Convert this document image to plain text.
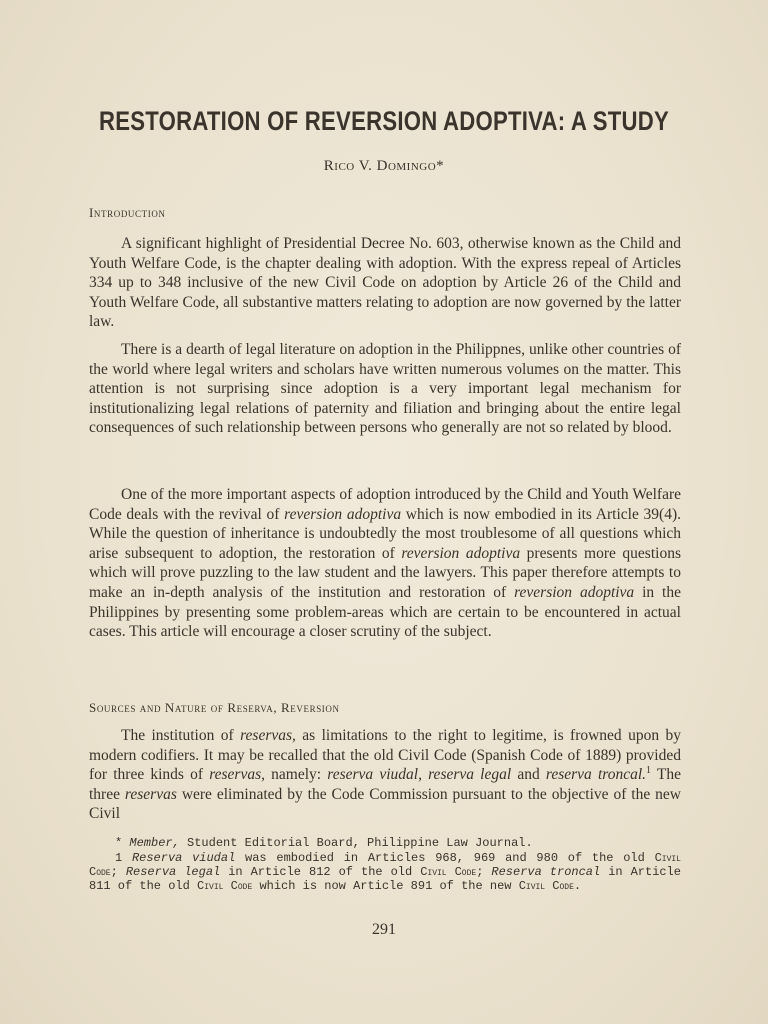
RESTORATION OF REVERSION ADOPTIVA: A STUDY
Rico V. Domingo*
Introduction

A significant highlight of Presidential Decree No. 603, otherwise known as the Child and Youth Welfare Code, is the chapter dealing with adoption. With the express repeal of Articles 334 up to 348 inclusive of the new Civil Code on adoption by Article 26 of the Child and Youth Welfare Code, all substantive matters relating to adoption are now governed by the latter law.

There is a dearth of legal literature on adoption in the Philippnes, unlike other countries of the world where legal writers and scholars have written numerous volumes on the matter. This attention is not surprising since adoption is a very important legal mechanism for institutionalizing legal relations of paternity and filiation and bringing about the entire legal consequences of such relationship between persons who generally are not so related by blood.

One of the more important aspects of adoption introduced by the Child and Youth Welfare Code deals with the revival of reversion adoptiva which is now embodied in its Article 39(4). While the question of inheritance is undoubtedly the most troublesome of all questions which arise subsequent to adoption, the restoration of reversion adoptiva presents more questions which will prove puzzling to the law student and the lawyers. This paper therefore attempts to make an in-depth analysis of the institution and restoration of reversion adoptiva in the Philippines by presenting some problem-areas which are certain to be encountered in actual cases. This article will encourage a closer scrutiny of the subject.

Sources and Nature of Reserva, Reversion

The institution of reservas, as limitations to the right to legitime, is frowned upon by modern codifiers. It may be recalled that the old Civil Code (Spanish Code of 1889) provided for three kinds of reservas, namely: reserva viudal, reserva legal and reserva troncal.$^1$ The three reservas were eliminated by the Code Commission pursuant to the objective of the new Civil

* Member, Student Editorial Board, Philippine Law Journal.

1 Reserva viudal was embodied in Articles 968, 969 and 980 of the old Civil Code; Reserva legal in Article 812 of the old Civil Code; Reserva troncal in Article 811 of the old Civil Code which is now Article 891 of the new Civil Code.

291
